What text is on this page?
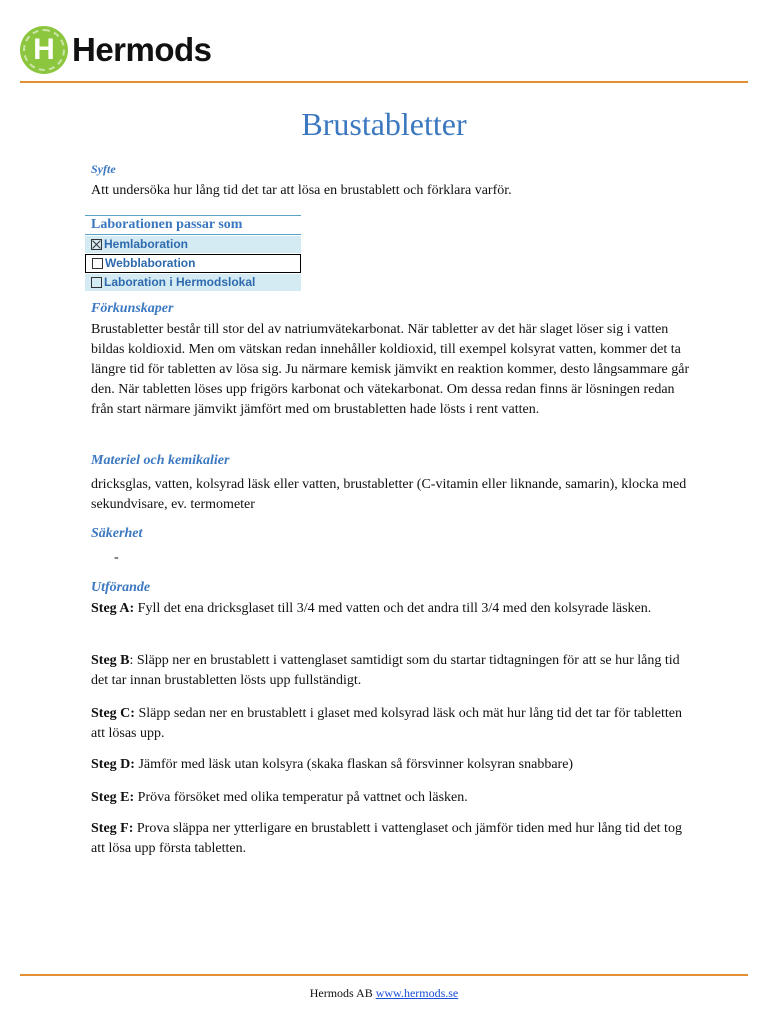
H Hermods
Brustabletter
Syfte
Att undersöka hur lång tid det tar att lösa en brustablett och förklara varför.
Laborationen passar som
Hemlaboration
Webblaboration
Laboration i Hermodslokal
Förkunskaper
Brustabletter består till stor del av natriumvätekarbonat. När tabletter av det här slaget löser sig i vatten bildas koldioxid. Men om vätskan redan innehåller koldioxid, till exempel kolsyrat vatten, kommer det ta längre tid för tabletten av lösa sig. Ju närmare kemisk jämvikt en reaktion kommer, desto långsammare går den. När tabletten löses upp frigörs karbonat och vätekarbonat. Om dessa redan finns är lösningen redan från start närmare jämvikt jämfört med om brustabletten hade lösts i rent vatten.
Materiel och kemikalier
dricksglas, vatten, kolsyrad läsk eller vatten, brustabletter (C-vitamin eller liknande, samarin), klocka med sekundvisare, ev. termometer
Säkerhet
-
Utförande
Steg A: Fyll det ena dricksglaset till 3/4 med vatten och det andra till 3/4 med den kolsyrade läsken.
Steg B: Släpp ner en brustablett i vattenglaset samtidigt som du startar tidtagningen för att se hur lång tid det tar innan brustabletten lösts upp fullständigt.
Steg C: Släpp sedan ner en brustablett i glaset med kolsyrad läsk och mät hur lång tid det tar för tabletten att lösas upp.
Steg D: Jämför med läsk utan kolsyra (skaka flaskan så försvinner kolsyran snabbare)
Steg E: Pröva försöket med olika temperatur på vattnet och läsken.
Steg F: Prova släppa ner ytterligare en brustablett i vattenglaset och jämför tiden med hur lång tid det tog att lösa upp första tabletten.
Hermods AB www.hermods.se
